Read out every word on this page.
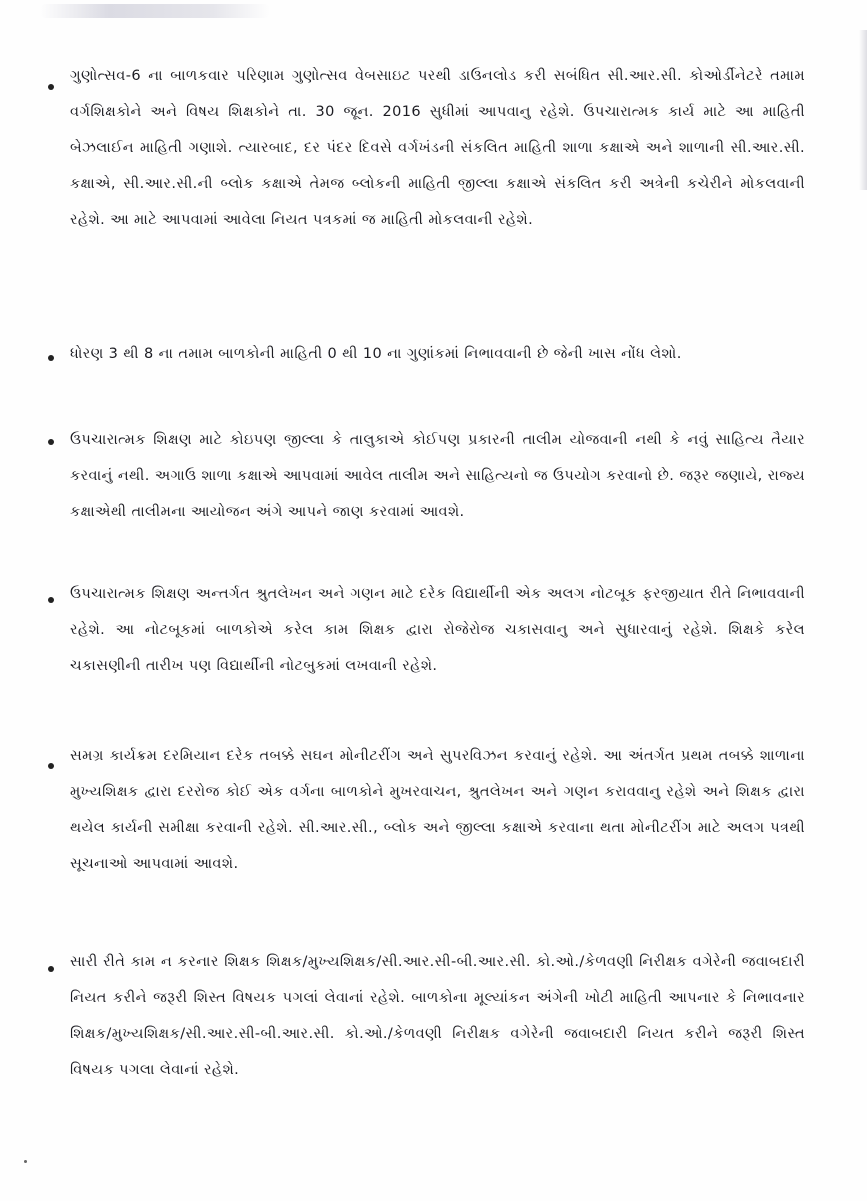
ગુણોત્સવ-6 ના બાળકવાર પરિણામ ગુણોત્સવ વેબસાઇટ પરથી ડાઉનલોડ કરી સબંધિત સી.આર.સી. કોઓર્ડીનેટરે તમામ વર્ગશિક્ષકોને અને વિષય શિક્ષકોને તા. 30 જૂન. 2016 સુધીમાં આપવાનુ રહેશે. ઉપચારાત્મક કાર્ય માટે આ માહિતી બેઝલાઈન માહિતી ગણાશે. ત્યારબાદ, દર પંદર દિવસે વર્ગખંડની સંકલિત માહિતી શાળા કક્ષાએ અને શાળાની સી.આર.સી. કક્ષાએ, સી.આર.સી.ની બ્લોક કક્ષાએ તેમજ બ્લોકની માહિતી જીલ્લા કક્ષાએ સંકલિત કરી અત્રેની કચેરીને મોકલવાની રહેશે. આ માટે આપવામાં આવેલા નિયત પત્રકમાં જ માહિતી મોકલવાની રહેશે.

ધોરણ 3 થી 8 ના તમામ બાળકોની માહિતી 0 થી 10 ના ગુણાંકમાં નિભાવવાની છે જેની ખાસ નોંધ લેશો.

ઉપચારાત્મક શિક્ષણ માટે કોઇપણ જીલ્લા કે તાલુકાએ કોઈપણ પ્રકારની તાલીમ યોજવાની નથી કે નવું સાહિત્ય તૈયાર કરવાનું નથી. અગાઉ શાળા કક્ષાએ આપવામાં આવેલ તાલીમ અને સાહિત્યનો જ ઉપયોગ કરવાનો છે. જરૂર જણાયે, રાજ્ય કક્ષાએથી તાલીમના આયોજન અંગે આપને જાણ કરવામાં આવશે.

ઉપચારાત્મક શિક્ષણ અન્તર્ગત શ્રુતલેખન અને ગણન માટે દરેક વિદ્યાર્થીની એક અલગ નોટબૂક ફરજીયાત રીતે નિભાવવાની રહેશે. આ નોટબૂકમાં બાળકોએ કરેલ કામ શિક્ષક દ્વારા રોજેરોજ ચકાસવાનુ અને સુધારવાનું રહેશે. શિક્ષકે કરેલ ચકાસણીની તારીખ પણ વિદ્યાર્થીની નોટબુકમાં લખવાની રહેશે.

સમગ્ર કાર્યક્રમ દરમિયાન દરેક તબક્કે સઘન મોનીટરીંગ અને સુપરવિઝન કરવાનું રહેશે. આ અંતર્ગત પ્રથમ તબક્કે શાળાના મુખ્યશિક્ષક દ્વારા દરરોજ કોઈ એક વર્ગના બાળકોને મુખરવાચન, શ્રુતલેખન અને ગણન કરાવવાનુ રહેશે અને શિક્ષક દ્વારા થયેલ કાર્યની સમીક્ષા કરવાની રહેશે. સી.આર.સી., બ્લોક અને જીલ્લા કક્ષાએ કરવાના થતા મોનીટરીંગ માટે અલગ પત્રથી સૂચનાઓ આપવામાં આવશે.

સારી રીતે કામ ન કરનાર શિક્ષક શિક્ષક/મુખ્યશિક્ષક/સી.આર.સી-બી.આર.સી. કો.ઓ./કેળવણી નિરીક્ષક વગેરેની જવાબદારી નિયત કરીને જરૂરી શિસ્ત વિષયક પગલાં લેવાનાં રહેશે. બાળકોના મૂલ્યાંકન અંગેની ખોટી માહિતી આપનાર કે નિભાવનાર શિક્ષક/મુખ્યશિક્ષક/સી.આર.સી-બી.આર.સી. કો.ઓ./કેળવણી નિરીક્ષક વગેરેની જવાબદારી નિયત કરીને જરૂરી શિસ્ત વિષયક પગલા લેવાનાં રહેશે.
